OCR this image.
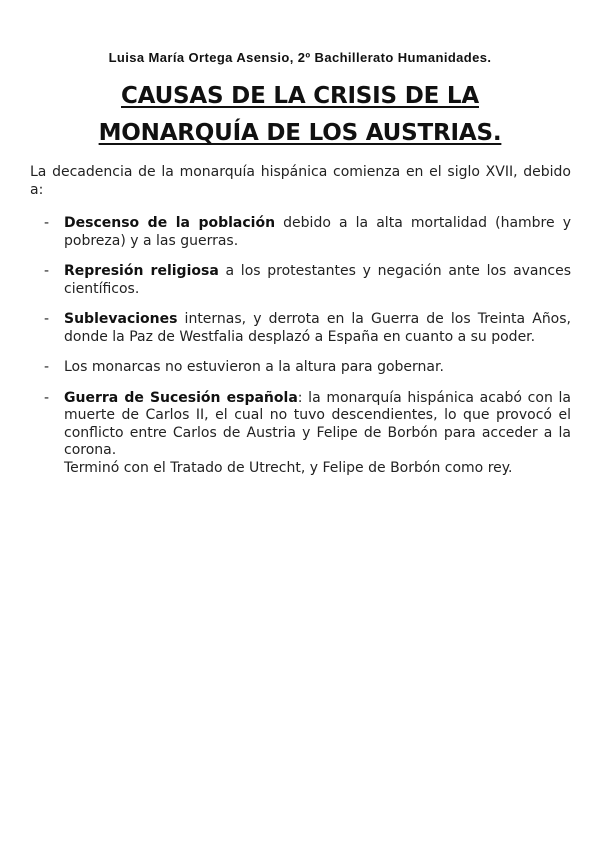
Luisa María Ortega Asensio, 2º Bachillerato Humanidades.
CAUSAS DE LA CRISIS DE LA
MONARQUÍA DE LOS AUSTRIAS.

La decadencia de la monarquía hispánica comienza en el siglo XVII, debido a:

- Descenso de la población debido a la alta mortalidad (hambre y pobreza) y a las guerras.
- Represión religiosa a los protestantes y negación ante los avances científicos.
- Sublevaciones internas, y derrota en la Guerra de los Treinta Años, donde la Paz de Westfalia desplazó a España en cuanto a su poder.
- Los monarcas no estuvieron a la altura para gobernar.
- Guerra de Sucesión española: la monarquía hispánica acabó con la muerte de Carlos II, el cual no tuvo descendientes, lo que provocó el conflicto entre Carlos de Austria y Felipe de Borbón para acceder a la corona.
Terminó con el Tratado de Utrecht, y Felipe de Borbón como rey.
